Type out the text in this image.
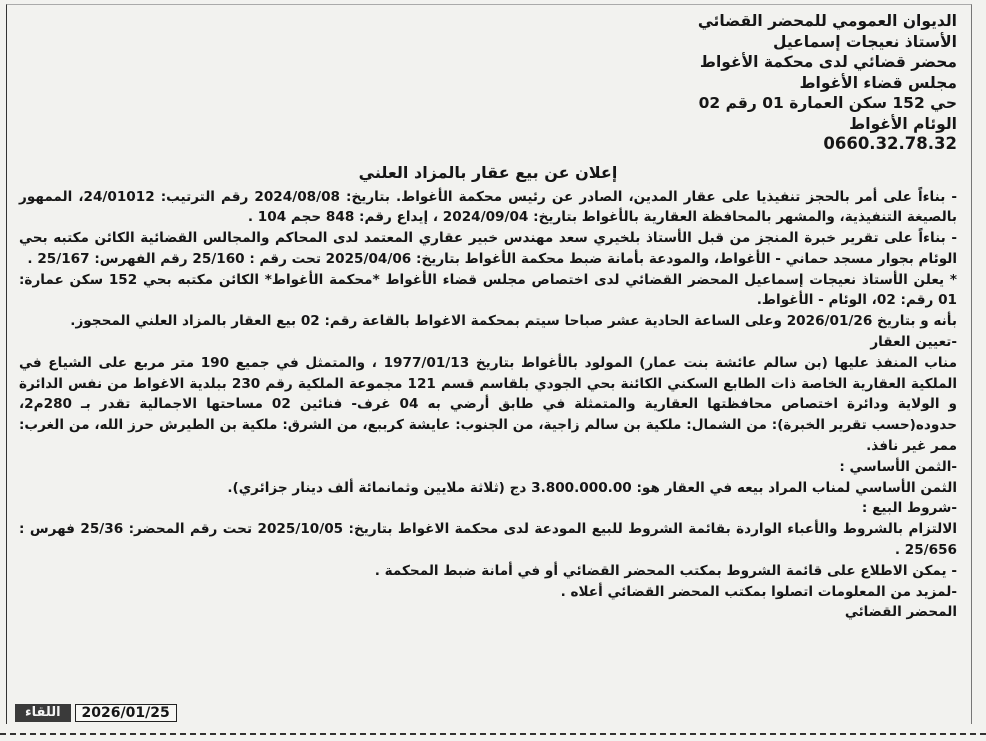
الديوان العمومي للمحضر القضائي
الأستاذ نعيجات إسماعيل
محضر قضائي لدى محكمة الأغواط
مجلس قضاء الأغواط
حي 152 سكن العمارة 01 رقم 02
الوئام الأغواط
0660.32.78.32
إعلان عن بيع عقار بالمزاد العلني

- بناءاً على أمر بالحجز تنفيذيا على عقار المدين، الصادر عن رئيس محكمة الأغواط. بتاريخ: 2024/08/08 رقم الترتيب: 24/01012، الممهور بالصيغة التنفيذية، والمشهر بالمحافظة العقارية بالأغواط بتاريخ: 2024/09/04 ، إيداع رقم: 848 حجم 104 .

- بناءاً على تقرير خبرة المنجز من قبل الأستاذ بلخيري سعد مهندس خبير عقاري المعتمد لدى المحاكم والمجالس القضائية الكائن مكتبه بحي الوئام بجوار مسجد حماني - الأغواط، والمودعة بأمانة ضبط محكمة الأغواط بتاريخ: 2025/04/06 تحت رقم : 25/160 رقم الفهرس: 25/167 .

* يعلن الأستاذ نعيجات إسماعيل المحضر القضائي لدى اختصاص مجلس قضاء الأغواط *محكمة الأغواط* الكائن مكتبه بحي 152 سكن عمارة: 01 رقم: 02، الوئام - الأغواط.

بأنه و بتاريخ 2026/01/26 وعلى الساعة الحادية عشر صباحا سيتم بمحكمة الاغواط بالقاعة رقم: 02 بيع العقار بالمزاد العلني المحجوز.

-تعيين العقار

مناب المنفذ عليها (بن سالم عائشة بنت عمار) المولود بالأغواط بتاريخ 1977/01/13 ، والمتمثل في جميع 190 متر مربع على الشياع في الملكية العقارية الخاصة ذات الطابع السكني الكائنة بحي الجودي بلقاسم قسم 121 مجموعة الملكية رقم 230 ببلدية الاغواط من نفس الدائرة و الولاية ودائرة اختصاص محافظتها العقارية والمتمثلة في طابق أرضي به 04 غرف- فنائين 02 مساحتها الاجمالية تقدر بـ 280م2، حدوده(حسب تقرير الخبرة): من الشمال: ملكية بن سالم زاجية، من الجنوب: عايشة كرببع، من الشرق: ملكية بن الطيرش حرز الله، من الغرب: ممر غير نافذ.

-الثمن الأساسي :

الثمن الأساسي لمناب المراد بيعه في العقار هو: 3.800.000.00 دج (ثلاثة ملايين وثمانمائة ألف دينار جزائري).

-شروط البيع :

الالتزام بالشروط والأعباء الواردة بقائمة الشروط للبيع المودعة لدى محكمة الاغواط بتاريخ: 2025/10/05 تحت رقم المحضر: 25/36 فهرس : 25/656 .

- يمكن الاطلاع على قائمة الشروط بمكتب المحضر القضائي أو في أمانة ضبط المحكمة .

-لمزيد من المعلومات اتصلوا بمكتب المحضر القضائي أعلاه .

المحضر القضائي

اللقاء	2026/01/25
